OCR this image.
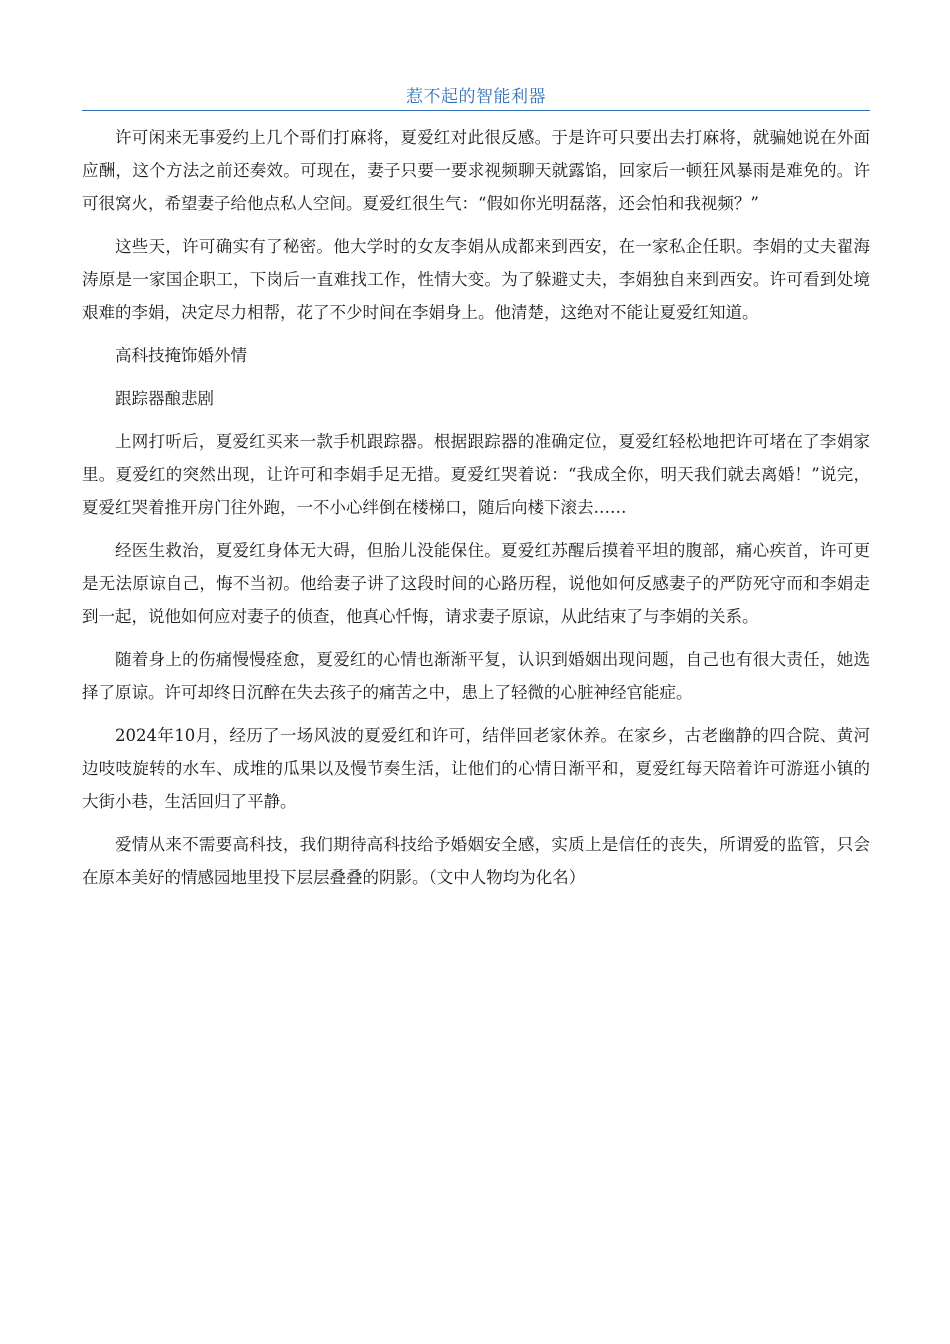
惹不起的智能利器

许可闲来无事爱约上几个哥们打麻将，夏爱红对此很反感。于是许可只要出去打麻将，就骗她说在外面应酬，这个方法之前还奏效。可现在，妻子只要一要求视频聊天就露馅，回家后一顿狂风暴雨是难免的。许可很窝火，希望妻子给他点私人空间。夏爱红很生气：“假如你光明磊落，还会怕和我视频？”

这些天，许可确实有了秘密。他大学时的女友李娟从成都来到西安，在一家私企任职。李娟的丈夫翟海涛原是一家国企职工，下岗后一直难找工作，性情大变。为了躲避丈夫，李娟独自来到西安。许可看到处境艰难的李娟，决定尽力相帮，花了不少时间在李娟身上。他清楚，这绝对不能让夏爱红知道。

高科技掩饰婚外情

跟踪器酿悲剧

上网打听后，夏爱红买来一款手机跟踪器。根据跟踪器的准确定位，夏爱红轻松地把许可堵在了李娟家里。夏爱红的突然出现，让许可和李娟手足无措。夏爱红哭着说：“我成全你，明天我们就去离婚！”说完，夏爱红哭着推开房门往外跑，一不小心绊倒在楼梯口，随后向楼下滚去……

经医生救治，夏爱红身体无大碍，但胎儿没能保住。夏爱红苏醒后摸着平坦的腹部，痛心疾首，许可更是无法原谅自己，悔不当初。他给妻子讲了这段时间的心路历程，说他如何反感妻子的严防死守而和李娟走到一起，说他如何应对妻子的侦查，他真心忏悔，请求妻子原谅，从此结束了与李娟的关系。

随着身上的伤痛慢慢痊愈，夏爱红的心情也渐渐平复，认识到婚姻出现问题，自己也有很大责任，她选择了原谅。许可却终日沉醉在失去孩子的痛苦之中，患上了轻微的心脏神经官能症。

2024年10月，经历了一场风波的夏爱红和许可，结伴回老家休养。在家乡，古老幽静的四合院、黄河边吱吱旋转的水车、成堆的瓜果以及慢节奏生活，让他们的心情日渐平和，夏爱红每天陪着许可游逛小镇的大街小巷，生活回归了平静。

爱情从来不需要高科技，我们期待高科技给予婚姻安全感，实质上是信任的丧失，所谓爱的监管，只会在原本美好的情感园地里投下层层叠叠的阴影。（文中人物均为化名）
